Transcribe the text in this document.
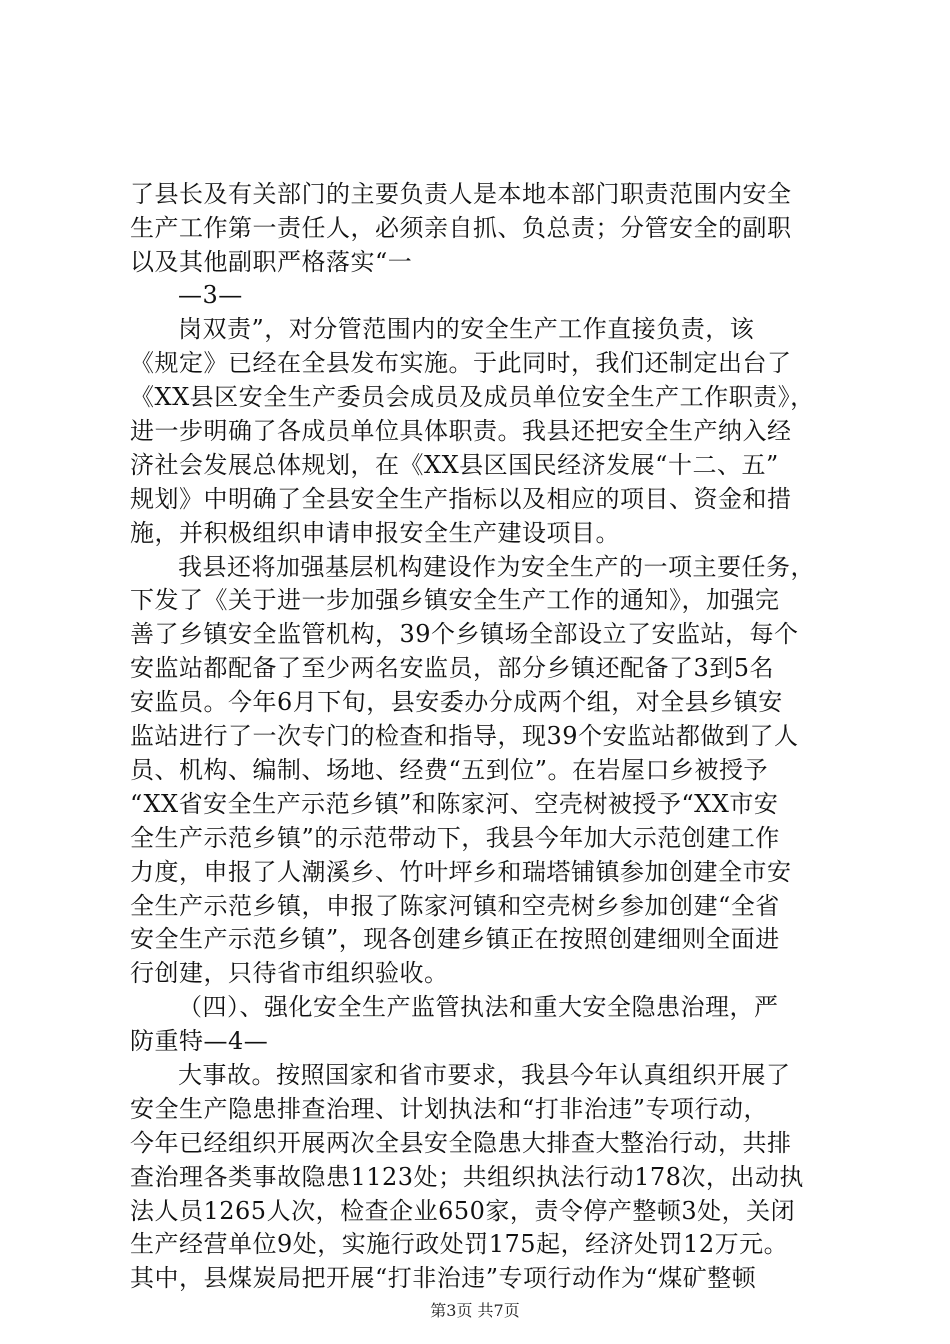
了县长及有关部门的主要负责人是本地本部门职责范围内安全
生产工作第一责任人，必须亲自抓、负总责；分管安全的副职
以及其他副职严格落实“一
—3—
岗双责”，对分管范围内的安全生产工作直接负责，该
《规定》已经在全县发布实施。于此同时，我们还制定出台了
《XX县区安全生产委员会成员及成员单位安全生产工作职责》，
进一步明确了各成员单位具体职责。我县还把安全生产纳入经
济社会发展总体规划，在《XX县区国民经济发展“十二、五”
规划》中明确了全县安全生产指标以及相应的项目、资金和措
施，并积极组织申请申报安全生产建设项目。
我县还将加强基层机构建设作为安全生产的一项主要任务，
下发了《关于进一步加强乡镇安全生产工作的通知》，加强完
善了乡镇安全监管机构，39个乡镇场全部设立了安监站，每个
安监站都配备了至少两名安监员，部分乡镇还配备了3到5名
安监员。今年6月下旬，县安委办分成两个组，对全县乡镇安
监站进行了一次专门的检查和指导，现39个安监站都做到了人
员、机构、编制、场地、经费“五到位”。在岩屋口乡被授予
“XX省安全生产示范乡镇”和陈家河、空壳树被授予“XX市安
全生产示范乡镇”的示范带动下，我县今年加大示范创建工作
力度，申报了人潮溪乡、竹叶坪乡和瑞塔铺镇参加创建全市安
全生产示范乡镇，申报了陈家河镇和空壳树乡参加创建“全省
安全生产示范乡镇”，现各创建乡镇正在按照创建细则全面进
行创建，只待省市组织验收。
（四）、强化安全生产监管执法和重大安全隐患治理，严
防重特—4—
大事故。按照国家和省市要求，我县今年认真组织开展了
安全生产隐患排查治理、计划执法和“打非治违”专项行动，
今年已经组织开展两次全县安全隐患大排查大整治行动，共排
查治理各类事故隐患1123处；共组织执法行动178次，出动执
法人员1265人次，检查企业650家，责令停产整顿3处，关闭
生产经营单位9处，实施行政处罚175起，经济处罚12万元。
其中，县煤炭局把开展“打非治违”专项行动作为“煤矿整顿
第3页 共7页
